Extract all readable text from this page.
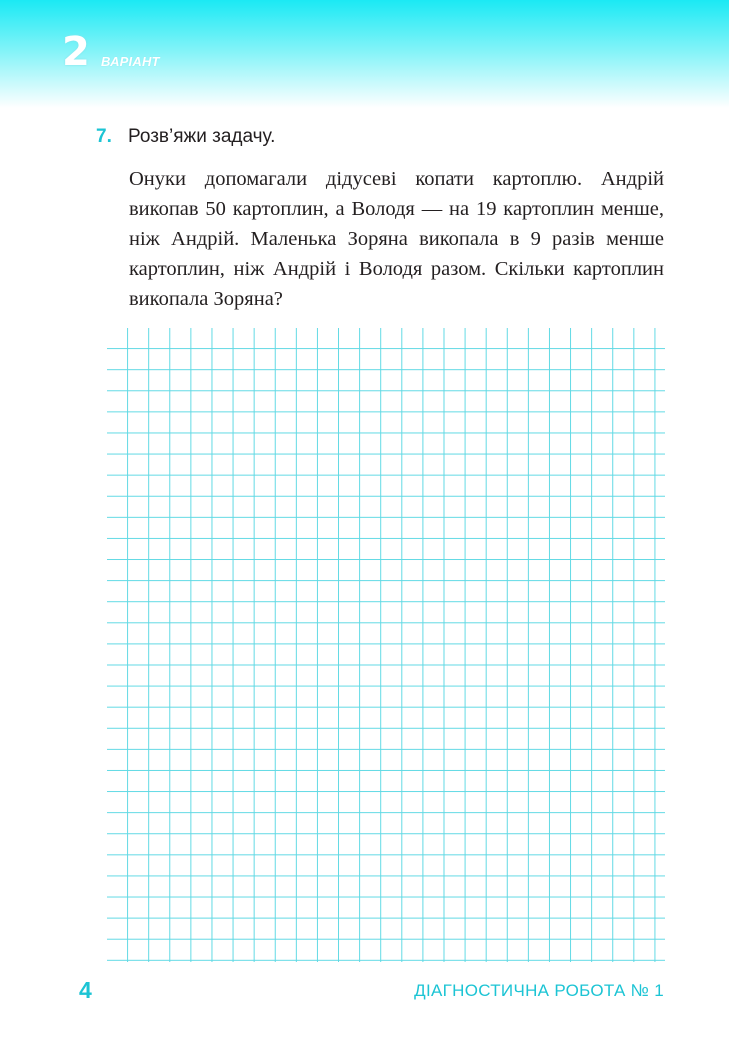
2 ВАРІАНТ
7. Розв’яжи задачу.
Онуки допомагали дідусеві копати картоплю. Андрій викопав 50 картоплин, а Володя — на 19 картоплин менше, ніж Андрій. Маленька Зоряна викопала в 9 разів менше картоплин, ніж Андрій і Володя разом. Скільки картоплин викопала Зоряна?
4	ДІАГНОСТИЧНА РОБОТА № 1
